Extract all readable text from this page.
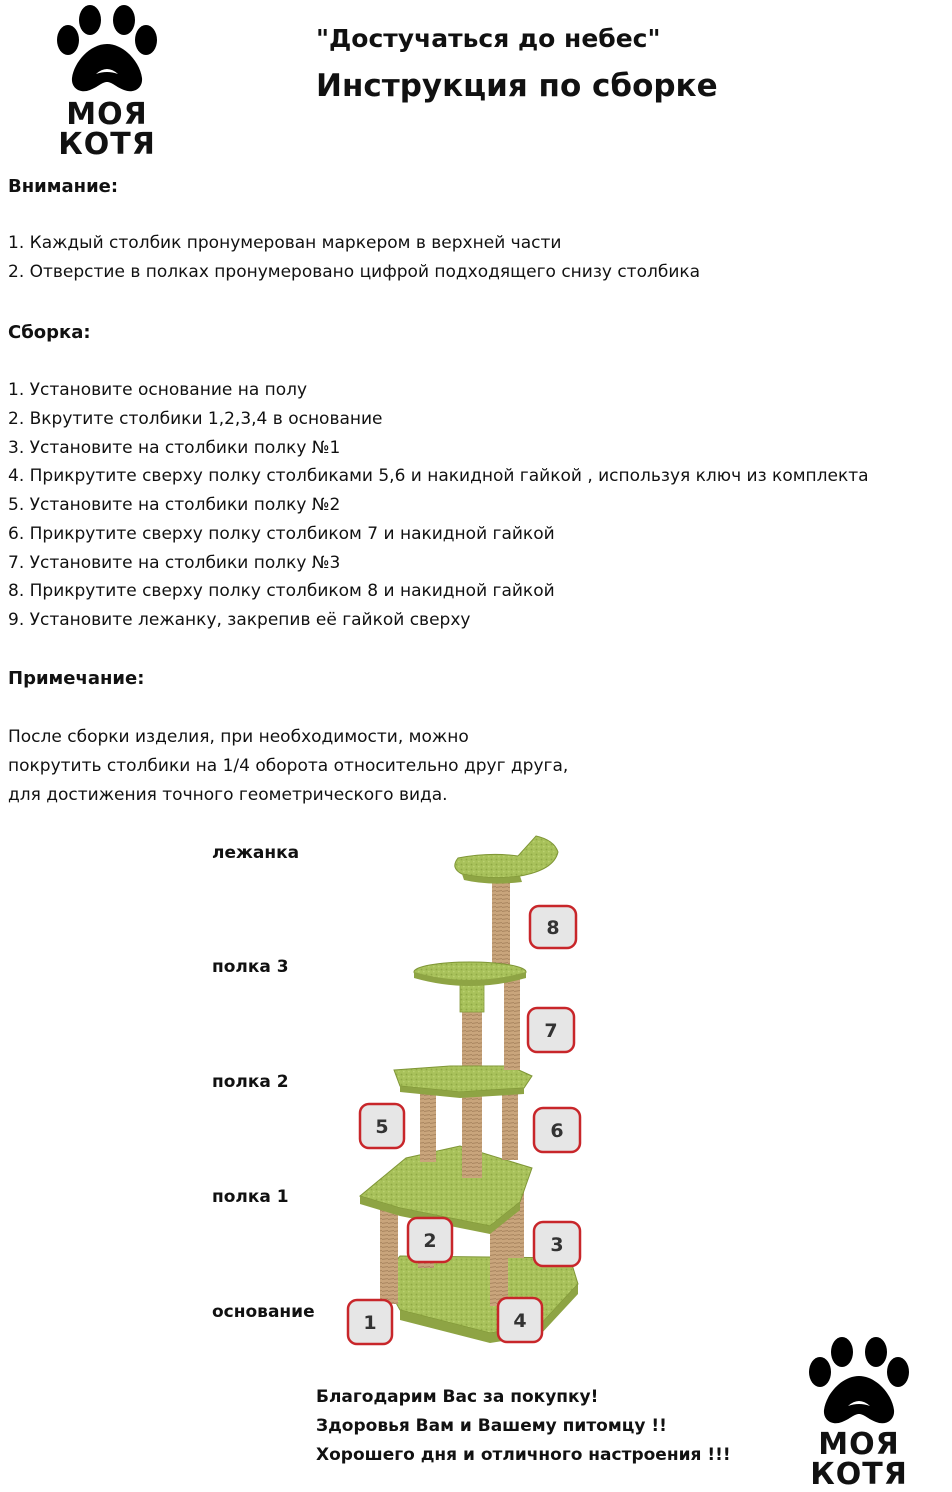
МОЯ КОТЯ
"Достучаться до небес"
Инструкция по сборке
Внимание:
1. Каждый столбик пронумерован маркером в верхней части
2. Отверстие в полках пронумеровано цифрой подходящего снизу столбика
Сборка:
1. Установите основание на полу
2. Вкрутите столбики 1,2,3,4 в основание
3. Установите на столбики полку №1
4. Прикрутите сверху полку столбиками 5,6 и накидной гайкой , используя ключ из комплекта
5. Установите на столбики полку №2
6. Прикрутите сверху полку столбиком 7 и накидной гайкой
7. Установите на столбики полку №3
8. Прикрутите сверху полку столбиком 8 и накидной гайкой
9. Установите лежанку, закрепив её гайкой сверху
Примечание:
После сборки изделия, при необходимости, можно
покрутить столбики на 1/4 оборота относительно друг друга,
для достижения точного геометрического вида.
лежанка
полка 3
полка 2
полка 1
основание
8
7
5	6
2	3
1	4
Благодарим Вас за покупку!
Здоровья Вам и Вашему питомцу !!
Хорошего дня и отличного настроения !!!	МОЯ КОТЯ
